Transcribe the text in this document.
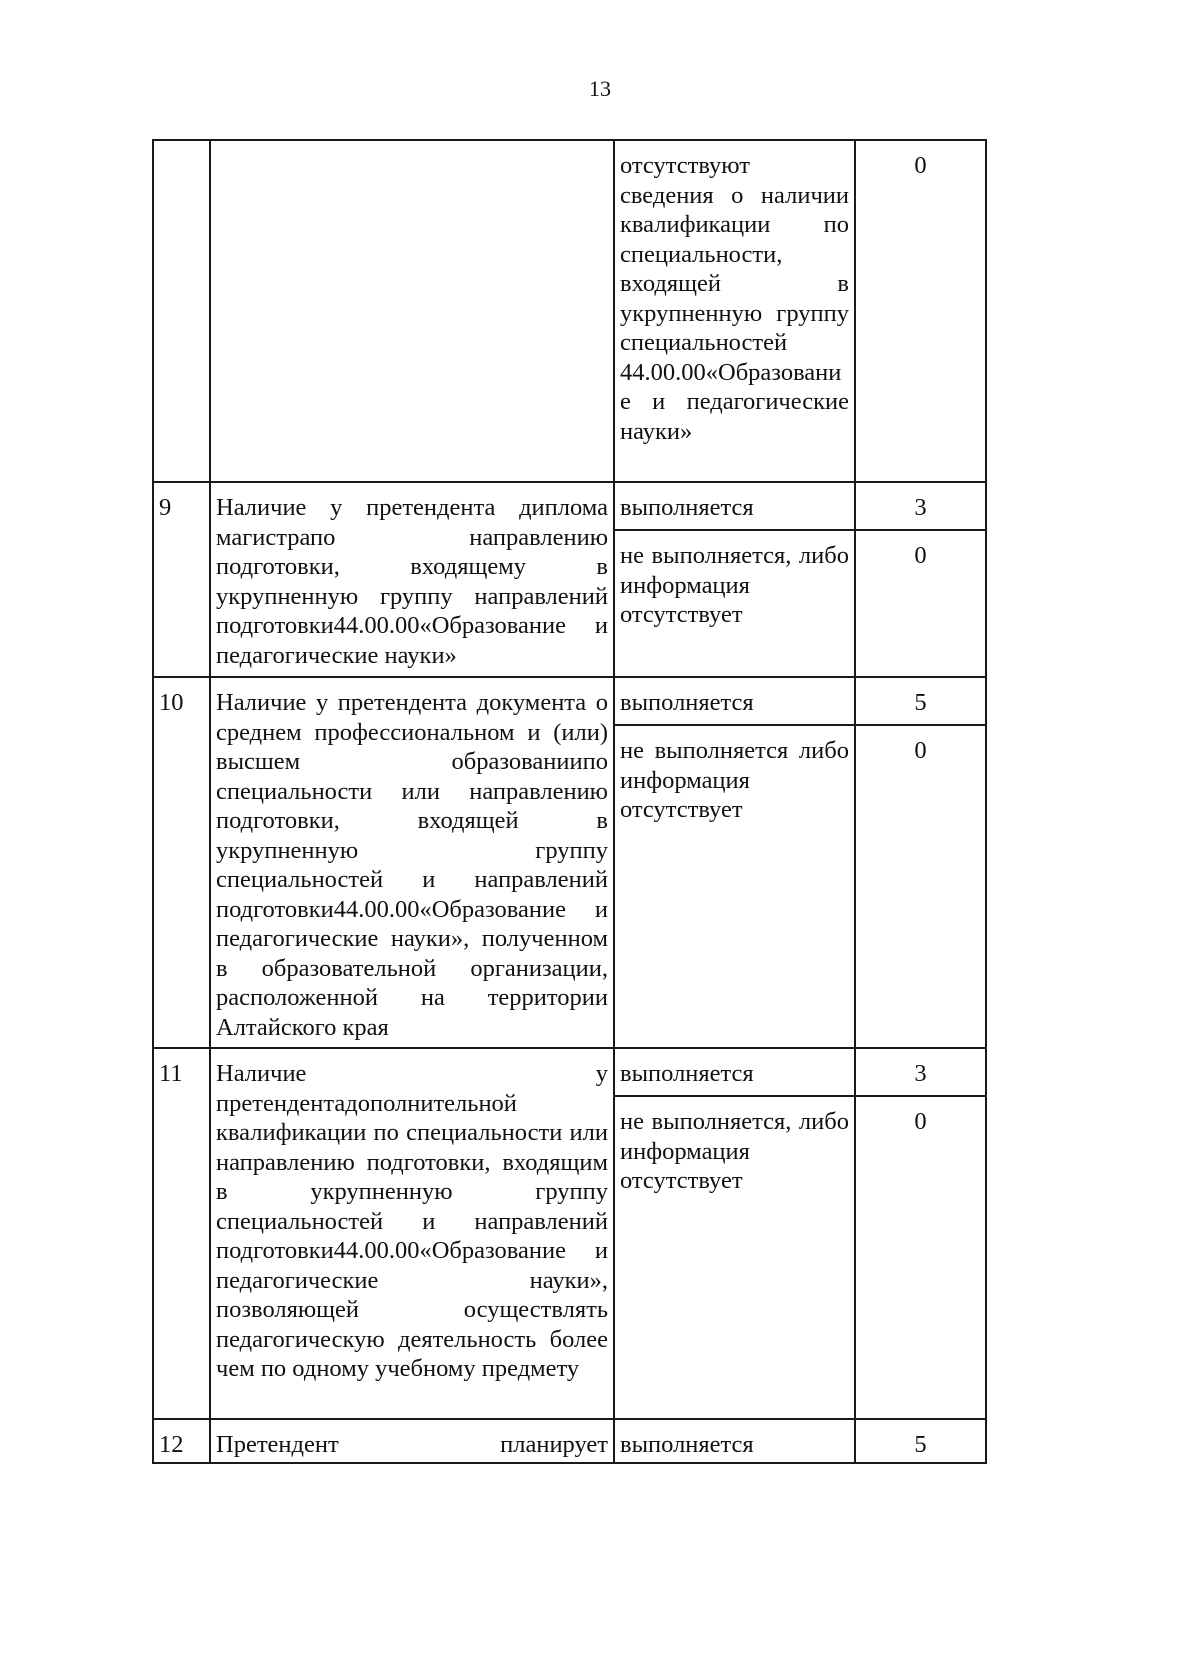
13
		отсутствуют сведения о наличии квалификации по специальности, входящей в укрупненную группу специальностей 44.00.00«Образование и педагогические науки»	0
9	Наличие у претендента диплома магистрапо направлению подготовки, входящему в укрупненную группу направлений подготовки44.00.00«Образование и педагогические науки»	выполняется	3
		не выполняется, либо информация отсутствует	0
10	Наличие у претендента документа о среднем профессиональном и (или) высшем образованиипо специальности или направлению подготовки, входящей в укрупненную группу специальностей и направлений подготовки44.00.00«Образование и педагогические науки», полученном в образовательной организации, расположенной на территории Алтайского края	выполняется	5
		не выполняется либо информация отсутствует	0
11	Наличие у претендентадополнительной квалификации по специальности или направлению подготовки, входящим в укрупненную группу специальностей и направлений подготовки44.00.00«Образование и педагогические науки», позволяющей осуществлять педагогическую деятельность более чем по одному учебному предмету	выполняется	3
		не выполняется, либо информация отсутствует	0
12	Претендент планирует	выполняется	5
